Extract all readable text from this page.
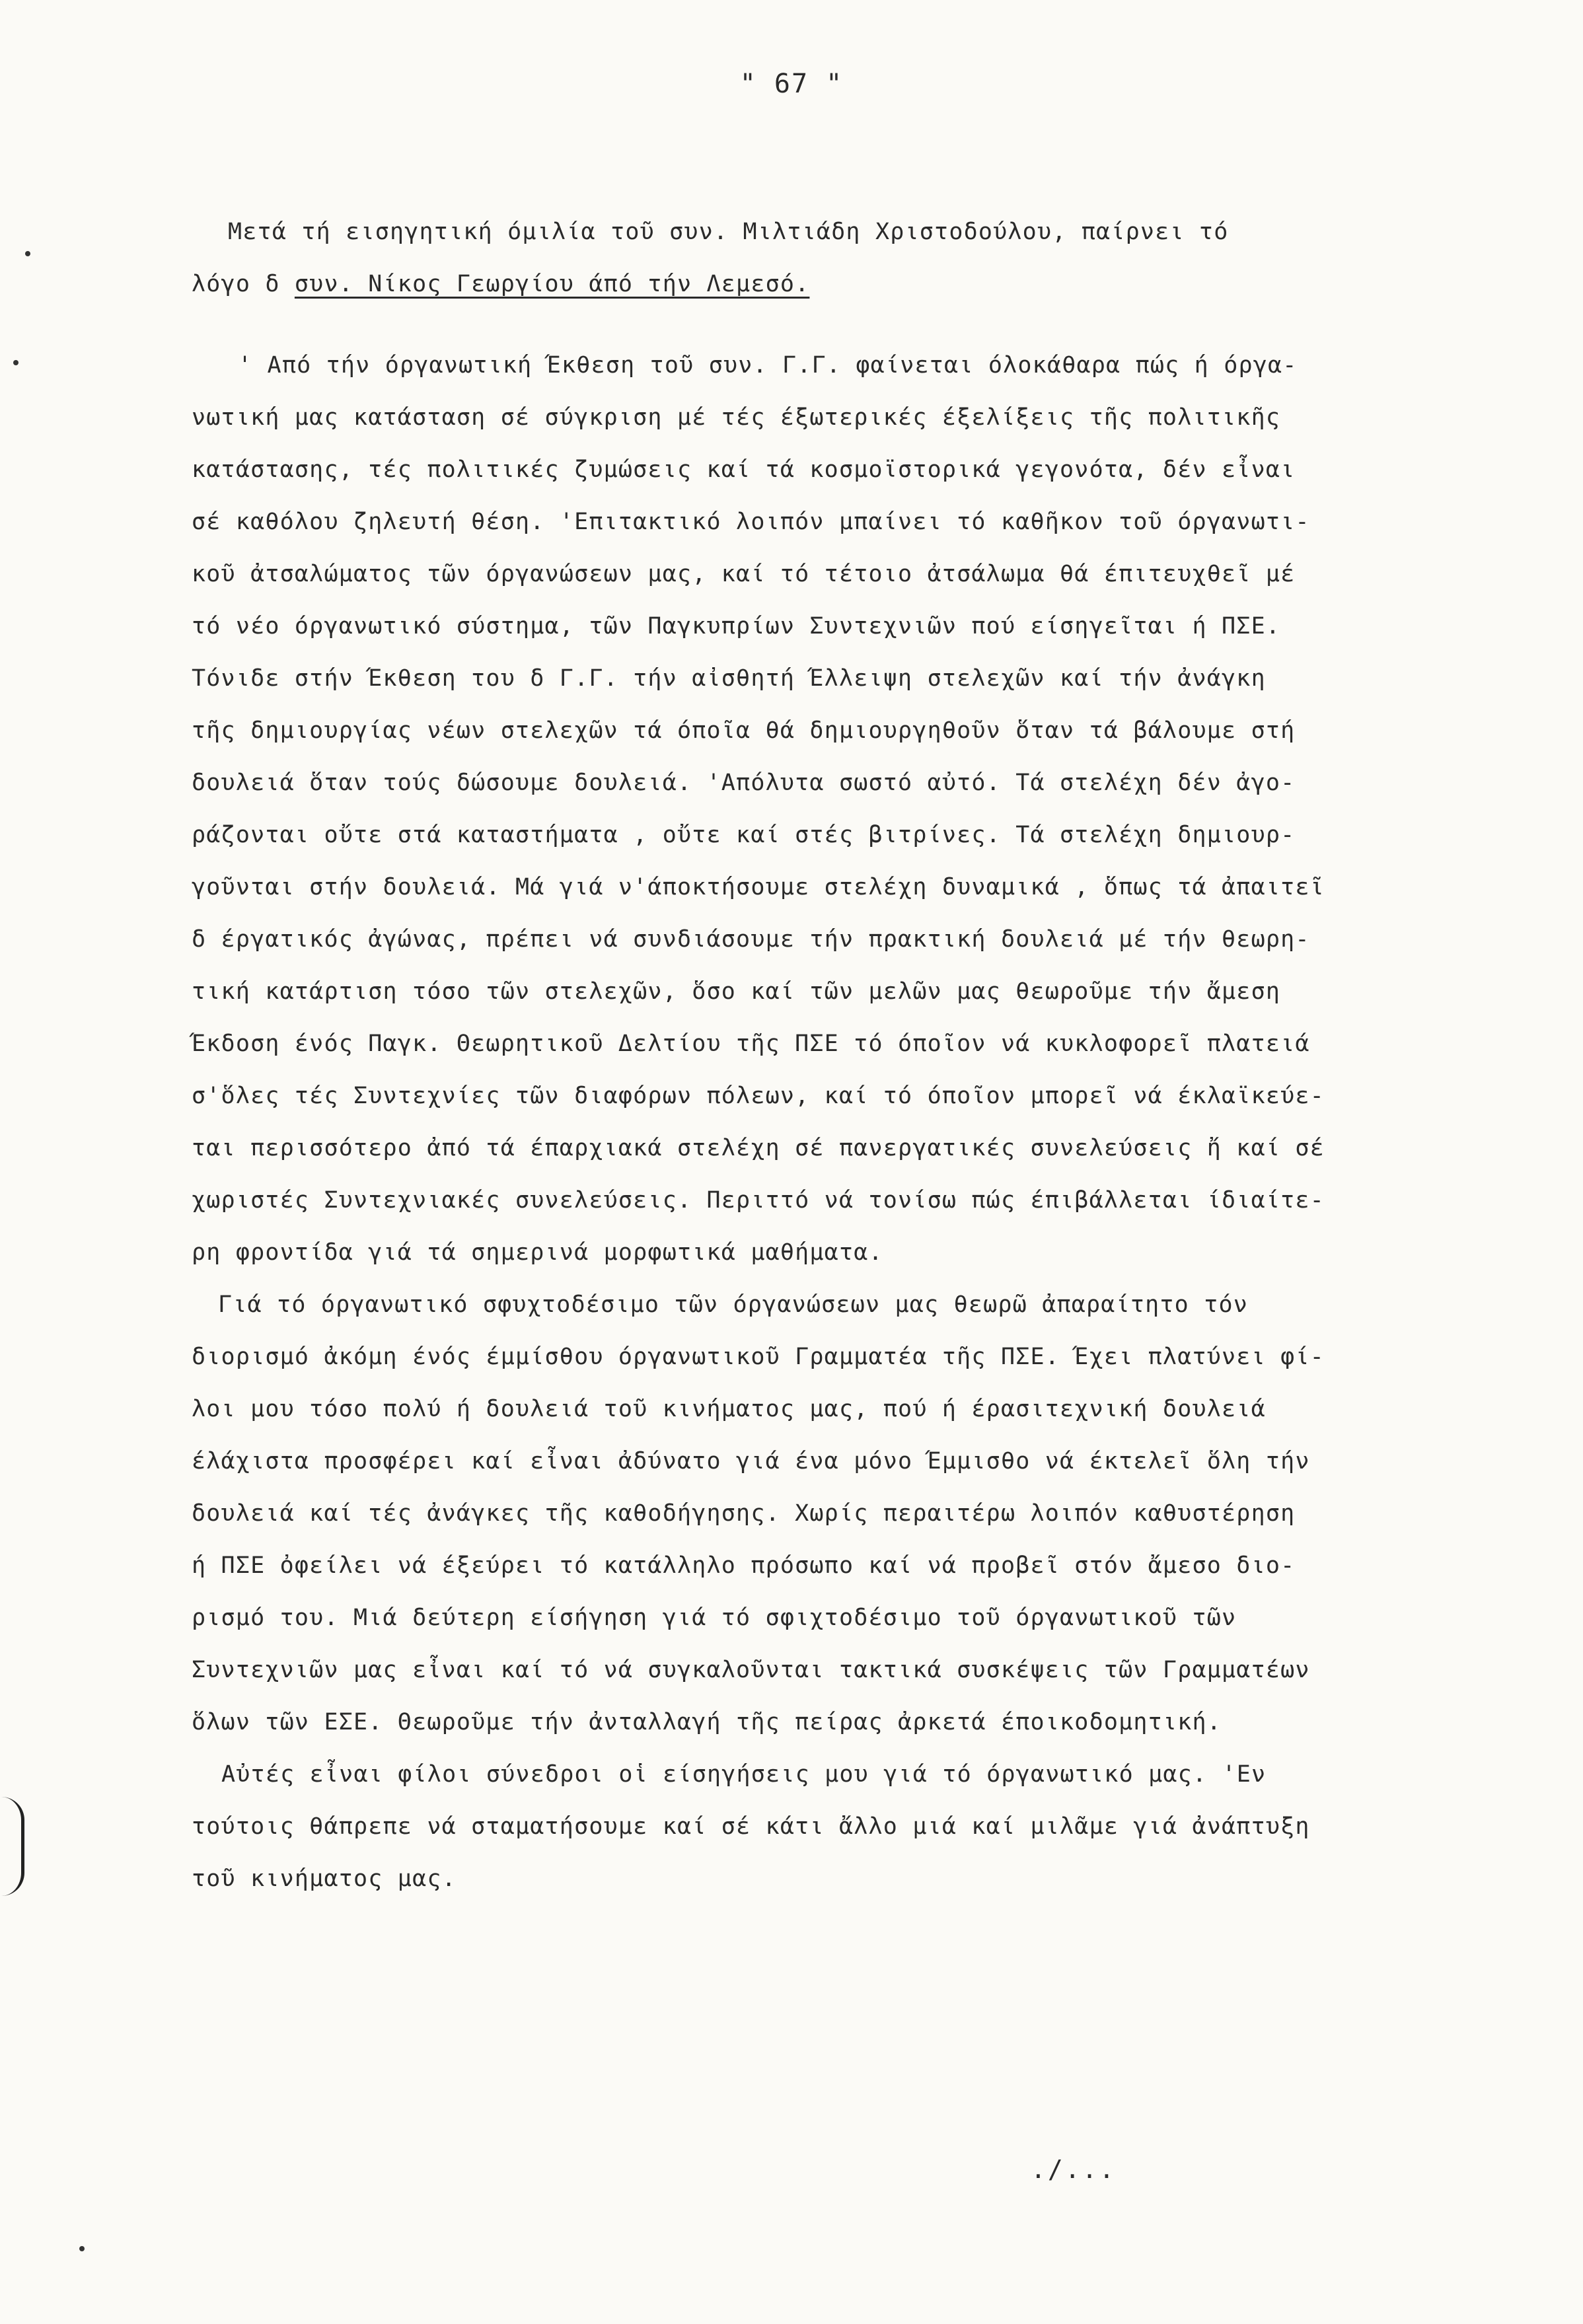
" 67 "
Μετά τή εισηγητική όμιλία τοῦ συν. Μιλτιάδη Χριστοδούλου, παίρνει τό
λόγο δ συν. Νίκος Γεωργίου άπό τήν Λεμεσό.
' Από τήν όργανωτική Έκθεση τοῦ συν. Γ.Γ. φαίνεται όλοκάθαρα πώς ή όργα-
νωτική μας κατάσταση σέ σύγκριση μέ τές έξωτερικές έξελίξεις τῆς πολιτικῆς
κατάστασης, τές πολιτικές ζυμώσεις καί τά κοσμοϊστορικά γεγονότα, δέν εἶναι
σέ καθόλου ζηλευτή θέση. 'Επιτακτικό λοιπόν μπαίνει τό καθῆκον τοῦ όργανωτι-
κοῦ ἀτσαλώματος τῶν όργανώσεων μας, καί τό τέτοιο ἀτσάλωμα θά έπιτευχθεῖ μέ
τό νέο όργανωτικό σύστημα, τῶν Παγκυπρίων Συντεχνιῶν πού είσηγεῖται ή ΠΣΕ.
Τόνιδε στήν Έκθεση του δ Γ.Γ. τήν αἰσθητή Έλλειψη στελεχῶν καί τήν ἀνάγκη
τῆς δημιουργίας νέων στελεχῶν τά όποῖα θά δημιουργηθοῦν ὅταν τά βάλουμε στή
δουλειά ὅταν τούς δώσουμε δουλειά. 'Απόλυτα σωστό αὐτό. Τά στελέχη δέν ἀγο-
ράζονται οὔτε στά καταστήματα , οὔτε καί στές βιτρίνες. Τά στελέχη δημιουρ-
γοῦνται στήν δουλειά. Μά γιά ν'άποκτήσουμε στελέχη δυναμικά , ὅπως τά ἀπαιτεῖ
δ έργατικός ἀγώνας, πρέπει νά συνδιάσουμε τήν πρακτική δουλειά μέ τήν θεωρη-
τική κατάρτιση τόσο τῶν στελεχῶν, ὅσο καί τῶν μελῶν μας θεωροῦμε τήν ἄμεση
Έκδοση ένός Παγκ. Θεωρητικοῦ Δελτίου τῆς ΠΣΕ τό όποῖον νά κυκλοφορεῖ πλατειά
σ'ὅλες τές Συντεχνίες τῶν διαφόρων πόλεων, καί τό όποῖον μπορεῖ νά έκλαϊκεύε-
ται περισσότερο ἀπό τά έπαρχιακά στελέχη σέ πανεργατικές συνελεύσεις ἤ καί σέ
χωριστές Συντεχνιακές συνελεύσεις. Περιττό νά τονίσω πώς έπιβάλλεται ίδιαίτε-
ρη φροντίδα γιά τά σημερινά μορφωτικά μαθήματα.
Γιά τό όργανωτικό σφυχτοδέσιμο τῶν όργανώσεων μας θεωρῶ ἀπαραίτητο τόν
διορισμό ἀκόμη ένός έμμίσθου όργανωτικοῦ Γραμματέα τῆς ΠΣΕ. Έχει πλατύνει φί-
λοι μου τόσο πολύ ή δουλειά τοῦ κινήματος μας, πού ή έρασιτεχνική δουλειά
έλάχιστα προσφέρει καί εἶναι ἀδύνατο γιά ένα μόνο Έμμισθο νά έκτελεῖ ὅλη τήν
δουλειά καί τές ἀνάγκες τῆς καθοδήγησης. Χωρίς περαιτέρω λοιπόν καθυστέρηση
ή ΠΣΕ ὀφείλει νά έξεύρει τό κατάλληλο πρόσωπο καί νά προβεῖ στόν ἄμεσο διο-
ρισμό του. Μιά δεύτερη είσήγηση γιά τό σφιχτοδέσιμο τοῦ όργανωτικοῦ τῶν
Συντεχνιῶν μας εἶναι καί τό νά συγκαλοῦνται τακτικά συσκέψεις τῶν Γραμματέων
ὅλων τῶν ΕΣΕ. Θεωροῦμε τήν ἀνταλλαγή τῆς πείρας ἀρκετά έποικοδομητική.
Αὐτές εἶναι φίλοι σύνεδροι οἱ είσηγήσεις μου γιά τό όργανωτικό μας. 'Εν
τούτοις θάπρεπε νά σταματήσουμε καί σέ κάτι ἄλλο μιά καί μιλᾶμε γιά ἀνάπτυξη
τοῦ κινήματος μας.
./...
